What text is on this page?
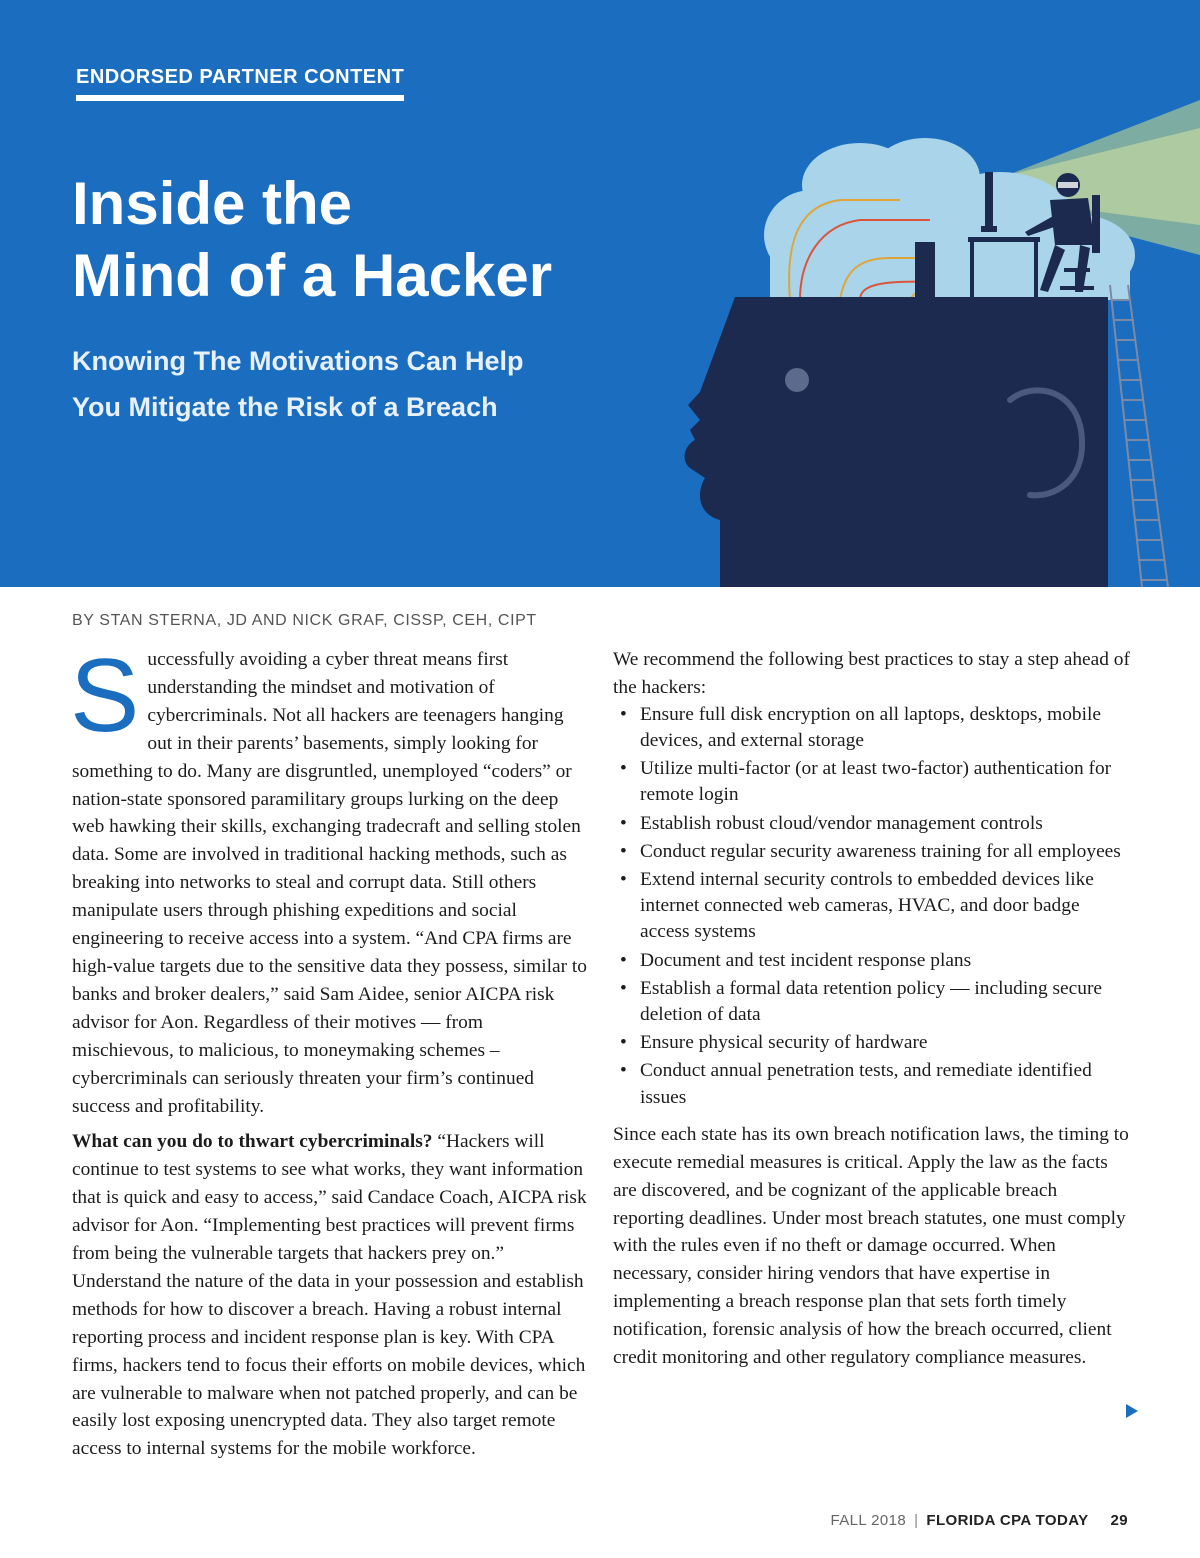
ENDORSED PARTNER CONTENT
Inside the
Mind of a Hacker
Knowing The Motivations Can Help
You Mitigate the Risk of a Breach
BY STAN STERNA, JD AND NICK GRAF, CISSP, CEH, CIPT

Successfully avoiding a cyber threat means first understanding the mindset and motivation of cybercriminals. Not all hackers are teenagers hanging out in their parents’ basements, simply looking for something to do. Many are disgruntled, unemployed “coders” or nation-state sponsored paramilitary groups lurking on the deep web hawking their skills, exchanging tradecraft and selling stolen data. Some are involved in traditional hacking methods, such as breaking into networks to steal and corrupt data. Still others manipulate users through phishing expeditions and social engineering to receive access into a system. “And CPA firms are high-value targets due to the sensitive data they possess, similar to banks and broker dealers,” said Sam Aidee, senior AICPA risk advisor for Aon. Regardless of their motives — from mischievous, to malicious, to moneymaking schemes – cybercriminals can seriously threaten your firm’s continued success and profitability.

What can you do to thwart cybercriminals? “Hackers will continue to test systems to see what works, they want information that is quick and easy to access,” said Candace Coach, AICPA risk advisor for Aon. “Implementing best practices will prevent firms from being the vulnerable targets that hackers prey on.” Understand the nature of the data in your possession and establish methods for how to discover a breach. Having a robust internal reporting process and incident response plan is key. With CPA firms, hackers tend to focus their efforts on mobile devices, which are vulnerable to malware when not patched properly, and can be easily lost exposing unencrypted data. They also target remote access to internal systems for the mobile workforce.

We recommend the following best practices to stay a step ahead of the hackers:

• Ensure full disk encryption on all laptops, desktops, mobile devices, and external storage
• Utilize multi-factor (or at least two-factor) authentication for remote login
• Establish robust cloud/vendor management controls
• Conduct regular security awareness training for all employees
• Extend internal security controls to embedded devices like internet connected web cameras, HVAC, and door badge access systems
• Document and test incident response plans
• Establish a formal data retention policy — including secure deletion of data
• Ensure physical security of hardware
• Conduct annual penetration tests, and remediate identified issues

Since each state has its own breach notification laws, the timing to execute remedial measures is critical. Apply the law as the facts are discovered, and be cognizant of the applicable breach reporting deadlines. Under most breach statutes, one must comply with the rules even if no theft or damage occurred. When necessary, consider hiring vendors that have expertise in implementing a breach response plan that sets forth timely notification, forensic analysis of how the breach occurred, client credit monitoring and other regulatory compliance measures.

FALL 2018 | FLORIDA CPA TODAY 29
